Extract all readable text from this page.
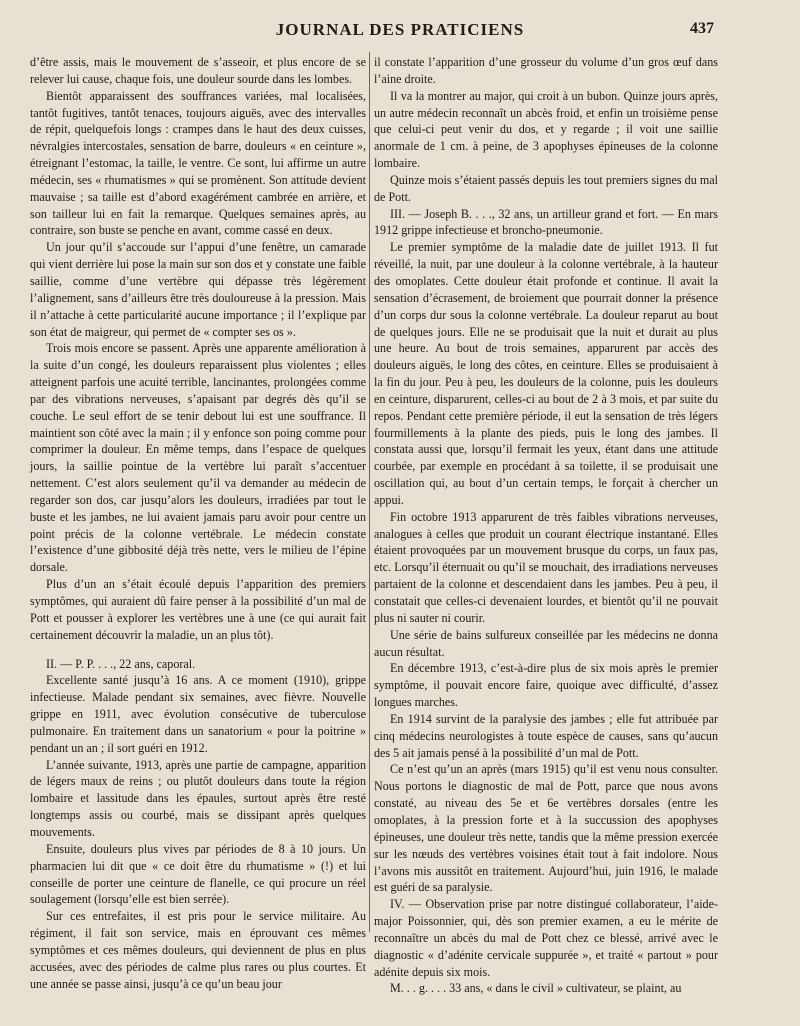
JOURNAL DES PRATICIENS	437

d’être assis, mais le mouvement de s’asseoir, et plus encore de se relever lui cause, chaque fois, une douleur sourde dans les lombes.

Bientôt apparaissent des souffrances variées, mal localisées, tantôt fugitives, tantôt tenaces, toujours aiguës, avec des intervalles de répit, quelquefois longs : crampes dans le haut des deux cuisses, névralgies intercostales, sensation de barre, douleurs « en ceinture », étreignant l’estomac, la taille, le ventre. Ce sont, lui affirme un autre médecin, ses « rhumatismes » qui se promènent. Son attitude devient mauvaise ; sa taille est d’abord exagérément cambrée en arrière, et son tailleur lui en fait la remarque. Quelques semaines après, au contraire, son buste se penche en avant, comme cassé en deux.

Un jour qu’il s’accoude sur l’appui d’une fenêtre, un camarade qui vient derrière lui pose la main sur son dos et y constate une faible saillie, comme d’une vertèbre qui dépasse très légèrement l’alignement, sans d’ailleurs être très douloureuse à la pression. Mais il n’attache à cette particularité aucune importance ; il l’explique par son état de maigreur, qui permet de « compter ses os ».

Trois mois encore se passent. Après une apparente amélioration à la suite d’un congé, les douleurs reparaissent plus violentes ; elles atteignent parfois une acuité terrible, lancinantes, prolongées comme par des vibrations nerveuses, s’apaisant par degrés dès qu’il se couche. Le seul effort de se tenir debout lui est une souffrance. Il maintient son côté avec la main ; il y enfonce son poing comme pour comprimer la douleur. En même temps, dans l’espace de quelques jours, la saillie pointue de la vertèbre lui paraît s’accentuer nettement. C’est alors seulement qu’il va demander au médecin de regarder son dos, car jusqu’alors les douleurs, irradiées par tout le buste et les jambes, ne lui avaient jamais paru avoir pour centre un point précis de la colonne vertébrale. Le médecin constate l’existence d’une gibbosité déjà très nette, vers le milieu de l’épine dorsale.

Plus d’un an s’était écoulé depuis l’apparition des premiers symptômes, qui auraient dû faire penser à la possibilité d’un mal de Pott et pousser à explorer les vertèbres une à une (ce qui aurait fait certainement découvrir la maladie, un an plus tôt).

II. — P. P. . . ., 22 ans, caporal.

Excellente santé jusqu’à 16 ans. A ce moment (1910), grippe infectieuse. Malade pendant six semaines, avec fièvre. Nouvelle grippe en 1911, avec évolution consécutive de tuberculose pulmonaire. En traitement dans un sanatorium « pour la poitrine » pendant un an ; il sort guéri en 1912.

L’année suivante, 1913, après une partie de campagne, apparition de légers maux de reins ; ou plutôt douleurs dans toute la région lombaire et lassitude dans les épaules, surtout après être resté longtemps assis ou courbé, mais se dissipant après quelques mouvements.

Ensuite, douleurs plus vives par périodes de 8 à 10 jours. Un pharmacien lui dit que « ce doit être du rhumatisme » (!) et lui conseille de porter une ceinture de flanelle, ce qui procure un réel soulagement (lorsqu’elle est bien serrée).

Sur ces entrefaites, il est pris pour le service militaire. Au régiment, il fait son service, mais en éprouvant ces mêmes symptômes et ces mêmes douleurs, qui deviennent de plus en plus accusées, avec des périodes de calme plus rares ou plus courtes. Et une année se passe ainsi, jusqu’à ce qu’un beau jour

il constate l’apparition d’une grosseur du volume d’un gros œuf dans l’aine droite.

Il va la montrer au major, qui croit à un bubon. Quinze jours après, un autre médecin reconnaît un abcès froid, et enfin un troisième pense que celui-ci peut venir du dos, et y regarde ; il voit une saillie anormale de 1 cm. à peine, de 3 apophyses épineuses de la colonne lombaire.

Quinze mois s’étaient passés depuis les tout premiers signes du mal de Pott.

III. — Joseph B. . . ., 32 ans, un artilleur grand et fort. — En mars 1912 grippe infectieuse et broncho-pneumonie.

Le premier symptôme de la maladie date de juillet 1913. Il fut réveillé, la nuit, par une douleur à la colonne vertébrale, à la hauteur des omoplates. Cette douleur était profonde et continue. Il avait la sensation d’écrasement, de broiement que pourrait donner la présence d’un corps dur sous la colonne vertébrale. La douleur reparut au bout de quelques jours. Elle ne se produisait que la nuit et durait au plus une heure. Au bout de trois semaines, apparurent par accès des douleurs aiguës, le long des côtes, en ceinture. Elles se produisaient à la fin du jour. Peu à peu, les douleurs de la colonne, puis les douleurs en ceinture, disparurent, celles-ci au bout de 2 à 3 mois, et par suite du repos. Pendant cette première période, il eut la sensation de très légers fourmillements à la plante des pieds, puis le long des jambes. Il constata aussi que, lorsqu’il fermait les yeux, étant dans une attitude courbée, par exemple en procédant à sa toilette, il se produisait une oscillation qui, au bout d’un certain temps, le forçait à chercher un appui.

Fin octobre 1913 apparurent de très faibles vibrations nerveuses, analogues à celles que produit un courant électrique instantané. Elles étaient provoquées par un mouvement brusque du corps, un faux pas, etc. Lorsqu’il éternuait ou qu’il se mouchait, des irradiations nerveuses partaient de la colonne et descendaient dans les jambes. Peu à peu, il constatait que celles-ci devenaient lourdes, et bientôt qu’il ne pouvait plus ni sauter ni courir.

Une série de bains sulfureux conseillée par les médecins ne donna aucun résultat.

En décembre 1913, c’est-à-dire plus de six mois après le premier symptôme, il pouvait encore faire, quoique avec difficulté, d’assez longues marches.

En 1914 survint de la paralysie des jambes ; elle fut attribuée par cinq médecins neurologistes à toute espèce de causes, sans qu’aucun des 5 ait jamais pensé à la possibilité d’un mal de Pott.

Ce n’est qu’un an après (mars 1915) qu’il est venu nous consulter. Nous portons le diagnostic de mal de Pott, parce que nous avons constaté, au niveau des 5e et 6e vertèbres dorsales (entre les omoplates, à la pression forte et à la succussion des apophyses épineuses, une douleur très nette, tandis que la même pression exercée sur les nœuds des vertèbres voisines était tout à fait indolore. Nous l’avons mis aussitôt en traitement. Aujourd’hui, juin 1916, le malade est guéri de sa paralysie.

IV. — Observation prise par notre distingué collaborateur, l’aide-major Poissonnier, qui, dès son premier examen, a eu le mérite de reconnaître un abcès du mal de Pott chez ce blessé, arrivé avec le diagnostic « d’adénite cervicale suppurée », et traité « partout » pour adénite depuis six mois.

M. . . g. . . . 33 ans, « dans le civil » cultivateur, se plaint, au
